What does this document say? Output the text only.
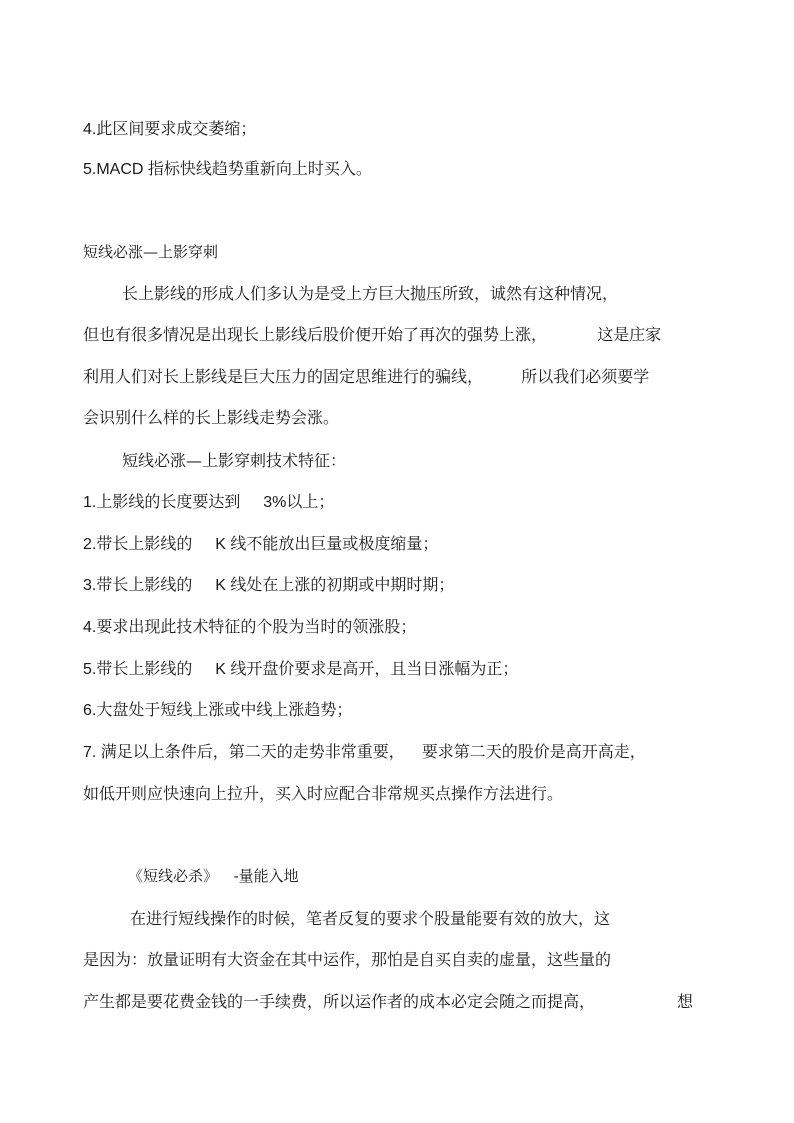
4.此区间要求成交萎缩；
5.MACD 指标快线趋势重新向上时买入。
短线必涨—上影穿刺
长上影线的形成人们多认为是受上方巨大抛压所致，诚然有这种情况，
但也有很多情况是出现长上影线后股价便开始了再次的强势上涨，	这是庄家
利用人们对长上影线是巨大压力的固定思维进行的骗线， 所以我们必须要学
会识别什么样的长上影线走势会涨。
短线必涨—上影穿刺技术特征：
1.上影线的长度要达到 3%以上；
2.带长上影线的 K 线不能放出巨量或极度缩量；
3.带长上影线的 K 线处在上涨的初期或中期时期；
4.要求出现此技术特征的个股为当时的领涨股；
5.带长上影线的 K 线开盘价要求是高开，且当日涨幅为正；
6.大盘处于短线上涨或中线上涨趋势；
7. 满足以上条件后，第二天的走势非常重要， 要求第二天的股价是高开高走，
如低开则应快速向上拉升，买入时应配合非常规买点操作方法进行。
《短线必杀》 -量能入地
在进行短线操作的时候，笔者反复的要求个股量能要有效的放大，这
是因为：放量证明有大资金在其中运作，那怕是自买自卖的虚量，这些量的
产生都是要花费金钱的一手续费，所以运作者的成本必定会随之而提高，	想
